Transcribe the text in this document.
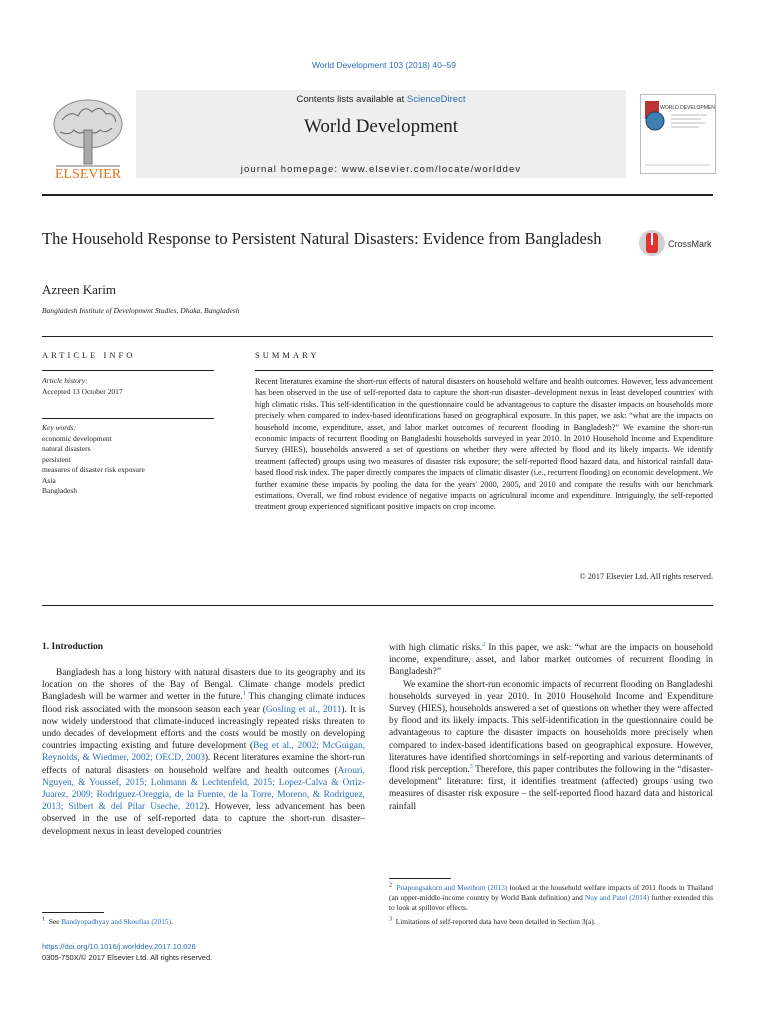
World Development 103 (2018) 40–59
ELSEVIER
Contents lists available at ScienceDirect
World Development
journal homepage: www.elsevier.com/locate/worlddev
WORLD DEVELOPMENT
The Household Response to Persistent Natural Disasters: Evidence from Bangladesh	CrossMark
Azreen Karim
Bangladesh Institute of Development Studies, Dhaka, Bangladesh
ARTICLE INFO
Article history:
Accepted 13 October 2017
Key words:
economic development
natural disasters
persistent
measures of disaster risk exposure
Asia
Bangladesh
SUMMARY
Recent literatures examine the short-run effects of natural disasters on household welfare and health outcomes. However, less advancement has been observed in the use of self-reported data to capture the short-run disaster–development nexus in least developed countries' with high climatic risks. This self-identification in the questionnaire could be advantageous to capture the disaster impacts on households more precisely when compared to index-based identifications based on geographical exposure. In this paper, we ask: “what are the impacts on household income, expenditure, asset, and labor market outcomes of recurrent flooding in Bangladesh?” We examine the short-run economic impacts of recurrent flooding on Bangladeshi households surveyed in year 2010. In 2010 Household Income and Expenditure Survey (HIES), households answered a set of questions on whether they were affected by flood and its likely impacts. We identify treatment (affected) groups using two measures of disaster risk exposure; the self-reported flood hazard data, and historical rainfall data-based flood risk index. The paper directly compares the impacts of climatic disaster (i.e., recurrent flooding) on economic development. We further examine these impacts by pooling the data for the years' 2000, 2005, and 2010 and compare the results with our benchmark estimations. Overall, we find robust evidence of negative impacts on agricultural income and expenditure. Intriguingly, the self-reported treatment group experienced significant positive impacts on crop income.
© 2017 Elsevier Ltd. All rights reserved.
1. Introduction

Bangladesh has a long history with natural disasters due to its geography and its location on the shores of the Bay of Bengal. Climate change models predict Bangladesh will be warmer and wetter in the future.$^1$ This changing climate induces flood risk associated with the monsoon season each year (Gosling et al., 2011). It is now widely understood that climate-induced increasingly repeated risks threaten to undo decades of development efforts and the costs would be mostly on developing countries impacting existing and future development (Beg et al., 2002; McGuigan, Reynolds, & Wiedmer, 2002; OECD, 2003). Recent literatures examine the short-run effects of natural disasters on household welfare and health outcomes (Arouri, Nguyen, & Youssef, 2015; Lohmann & Lechtenfeld, 2015; Lopez-Calva & Ortiz-Juarez, 2009; Rodriguez-Oreggia, de la Fuente, de la Torre, Moreno, & Rodriguez, 2013; Silbert & del Pilar Useche, 2012). However, less advancement has been observed in the use of self-reported data to capture the short-run disaster–development nexus in least developed countries

with high climatic risks.$^2$ In this paper, we ask: “what are the impacts on household income, expenditure, asset, and labor market outcomes of recurrent flooding in Bangladesh?”

We examine the short-run economic impacts of recurrent flooding on Bangladeshi households surveyed in year 2010. In 2010 Household Income and Expenditure Survey (HIES), households answered a set of questions on whether they were affected by flood and its likely impacts. This self-identification in the questionnaire could be advantageous to capture the disaster impacts on households more precisely when compared to index-based identifications based on geographical exposure. However, literatures have identified shortcomings in self-reporting and various determinants of flood risk perception.$^3$ Therefore, this paper contributes the following in the “disaster-development” literature: first, it identifies treatment (affected) groups using two measures of disaster risk exposure – the self-reported flood hazard data and historical rainfall

$^1$ See Bandyopadhyay and Skoufias (2015).
$^2$ Poapongsakorn and Meethom (2013) looked at the household welfare impacts of 2011 floods in Thailand (an upper-middle-income country by World Bank definition) and Noy and Patel (2014) further extended this to look at spillover effects.
$^3$ Limitations of self-reported data have been detailed in Section 3(a).
https://doi.org/10.1016/j.worlddev.2017.10.026
0305-750X/© 2017 Elsevier Ltd. All rights reserved.
